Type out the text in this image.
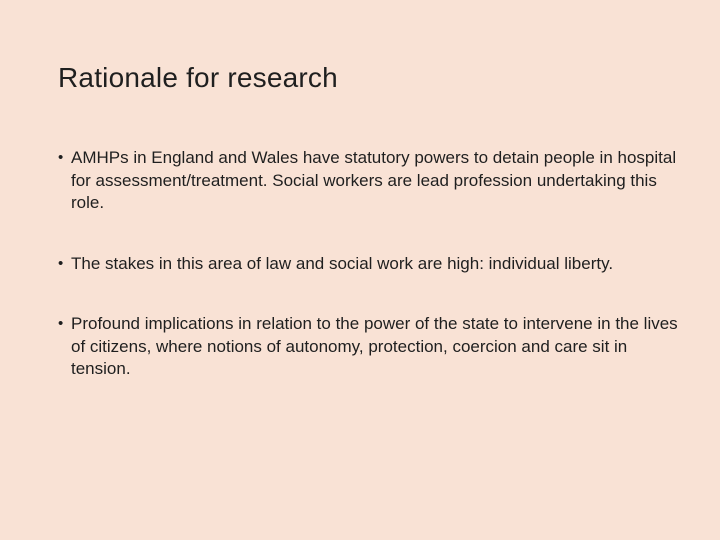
Rationale for research
• AMHPs in England and Wales have statutory powers to detain people in hospital for assessment/treatment. Social workers are lead profession undertaking this role.
• The stakes in this area of law and social work are high: individual liberty.
• Profound implications in relation to the power of the state to intervene in the lives of citizens, where notions of autonomy, protection, coercion and care sit in tension.
